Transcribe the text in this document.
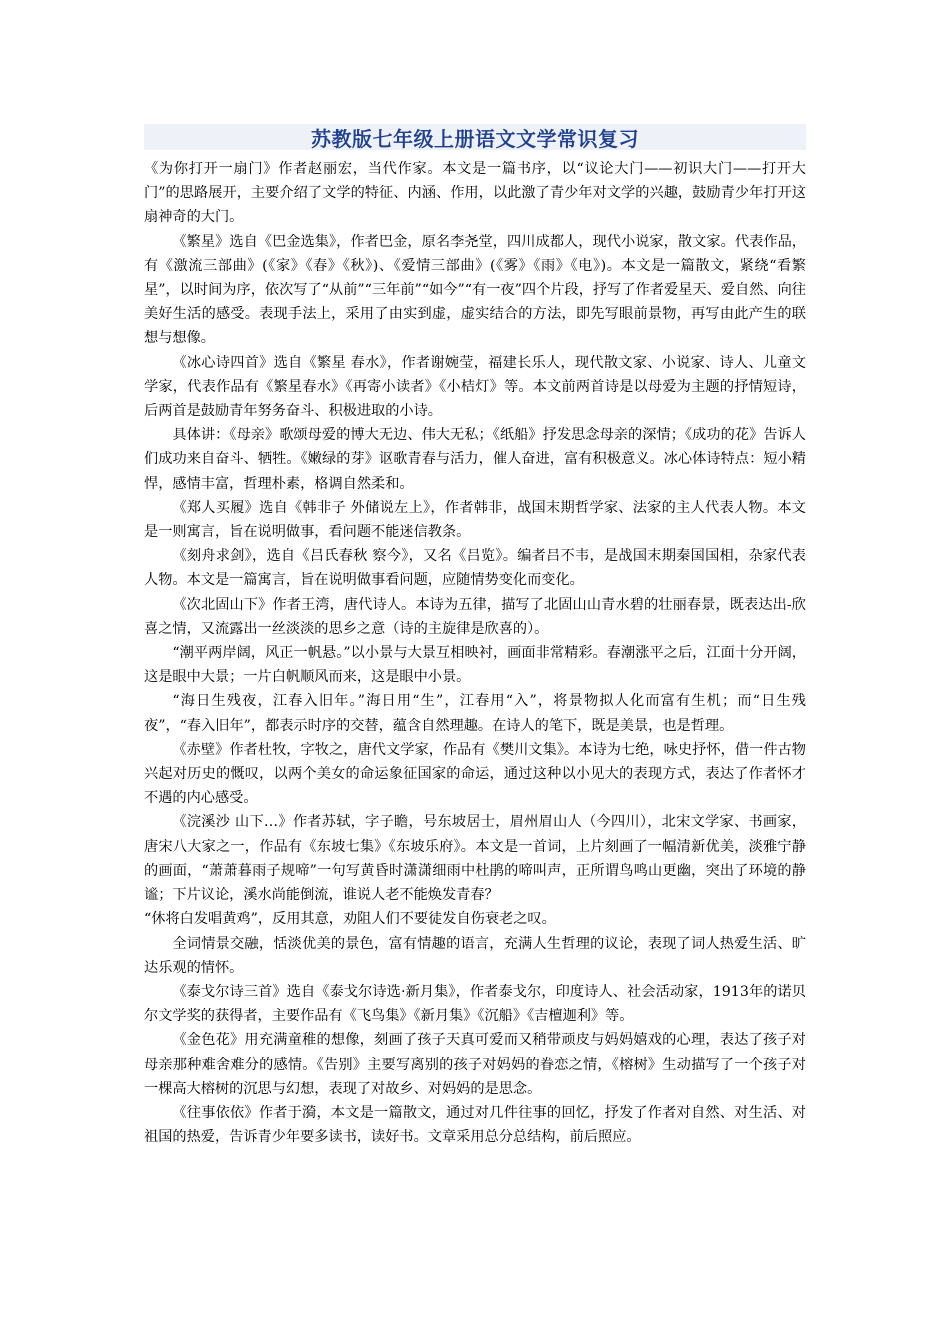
苏教版七年级上册语文文学常识复习

《为你打开一扇门》作者赵丽宏，当代作家。本文是一篇书序，以“议论大门——初识大门——打开大门”的思路展开，主要介绍了文学的特征、内涵、作用，以此激了青少年对文学的兴趣，鼓励青少年打开这扇神奇的大门。

《繁星》选自《巴金选集》，作者巴金，原名李尧堂，四川成都人，现代小说家，散文家。代表作品，有《激流三部曲》(《家》《春》《秋》)、《爱情三部曲》(《雾》《雨》《电》)。本文是一篇散文，紧绕“看繁星”，以时间为序，依次写了“从前”“三年前”“如今”“有一夜”四个片段，抒写了作者爱星天、爱自然、向往美好生活的感受。表现手法上，采用了由实到虚，虚实结合的方法，即先写眼前景物，再写由此产生的联想与想像。

《冰心诗四首》选自《繁星 春水》，作者谢婉莹，福建长乐人，现代散文家、小说家、诗人、儿童文学家，代表作品有《繁星春水》《再寄小读者》《小桔灯》等。本文前两首诗是以母爱为主题的抒情短诗，后两首是鼓励青年努务奋斗、积极进取的小诗。

具体讲：《母亲》歌颂母爱的博大无边、伟大无私；《纸船》抒发思念母亲的深情；《成功的花》告诉人们成功来自奋斗、牺牲。《嫩绿的芽》讴歌青春与活力，催人奋进，富有积极意义。冰心体诗特点：短小精悍，感情丰富，哲理朴素，格调自然柔和。

《郑人买履》选自《韩非子 外储说左上》，作者韩非，战国末期哲学家、法家的主人代表人物。本文是一则寓言，旨在说明做事，看问题不能迷信教条。

《刻舟求剑》，选自《吕氏春秋 察今》，又名《吕览》。编者吕不韦，是战国末期秦国国相，杂家代表人物。本文是一篇寓言，旨在说明做事看问题，应随情势变化而变化。

《次北固山下》作者王湾，唐代诗人。本诗为五律，描写了北固山山青水碧的壮丽春景，既表达出-欣喜之情，又流露出一丝淡淡的思乡之意（诗的主旋律是欣喜的）。

“潮平两岸阔，风正一帆悬。”以小景与大景互相映衬，画面非常精彩。春潮涨平之后，江面十分开阔，这是眼中大景；一片白帆顺风而来，这是眼中小景。

“海日生残夜，江春入旧年。”海日用“生”，江春用“入”，将景物拟人化而富有生机；而“日生残夜”，“春入旧年”，都表示时序的交替，蕴含自然理趣。在诗人的笔下，既是美景，也是哲理。

《赤壁》作者杜牧，字牧之，唐代文学家，作品有《樊川文集》。本诗为七绝，咏史抒怀，借一件古物兴起对历史的慨叹，以两个美女的命运象征国家的命运，通过这种以小见大的表现方式，表达了作者怀才不遇的内心感受。

《浣溪沙 山下…》作者苏轼，字子瞻，号东坡居士，眉州眉山人（今四川），北宋文学家、书画家，唐宋八大家之一，作品有《东坡七集》《东坡乐府》。本文是一首词，上片刻画了一幅清新优美，淡雅宁静的画面，“萧萧暮雨子规啼”一句写黄昏时潇潇细雨中杜鹃的啼叫声，正所谓鸟鸣山更幽，突出了环境的静谧；下片议论，溪水尚能倒流，谁说人老不能焕发青春？

“休将白发唱黄鸡”，反用其意，劝阻人们不要徒发自伤衰老之叹。

全词情景交融，恬淡优美的景色，富有情趣的语言，充满人生哲理的议论，表现了词人热爱生活、旷达乐观的情怀。

《泰戈尔诗三首》选自《泰戈尔诗选·新月集》，作者泰戈尔，印度诗人、社会活动家，1913年的诺贝尔文学奖的获得者，主要作品有《飞鸟集》《新月集》《沉船》《吉檀迦利》等。

《金色花》用充满童稚的想像，刻画了孩子天真可爱而又稍带顽皮与妈妈嬉戏的心理，表达了孩子对母亲那种难舍难分的感情。《告别》主要写离别的孩子对妈妈的眷恋之情，《榕树》生动描写了一个孩子对一棵高大榕树的沉思与幻想，表现了对故乡、对妈妈的是思念。

《往事依依》作者于漪，本文是一篇散文，通过对几件往事的回忆，抒发了作者对自然、对生活、对祖国的热爱，告诉青少年要多读书，读好书。文章采用总分总结构，前后照应。
